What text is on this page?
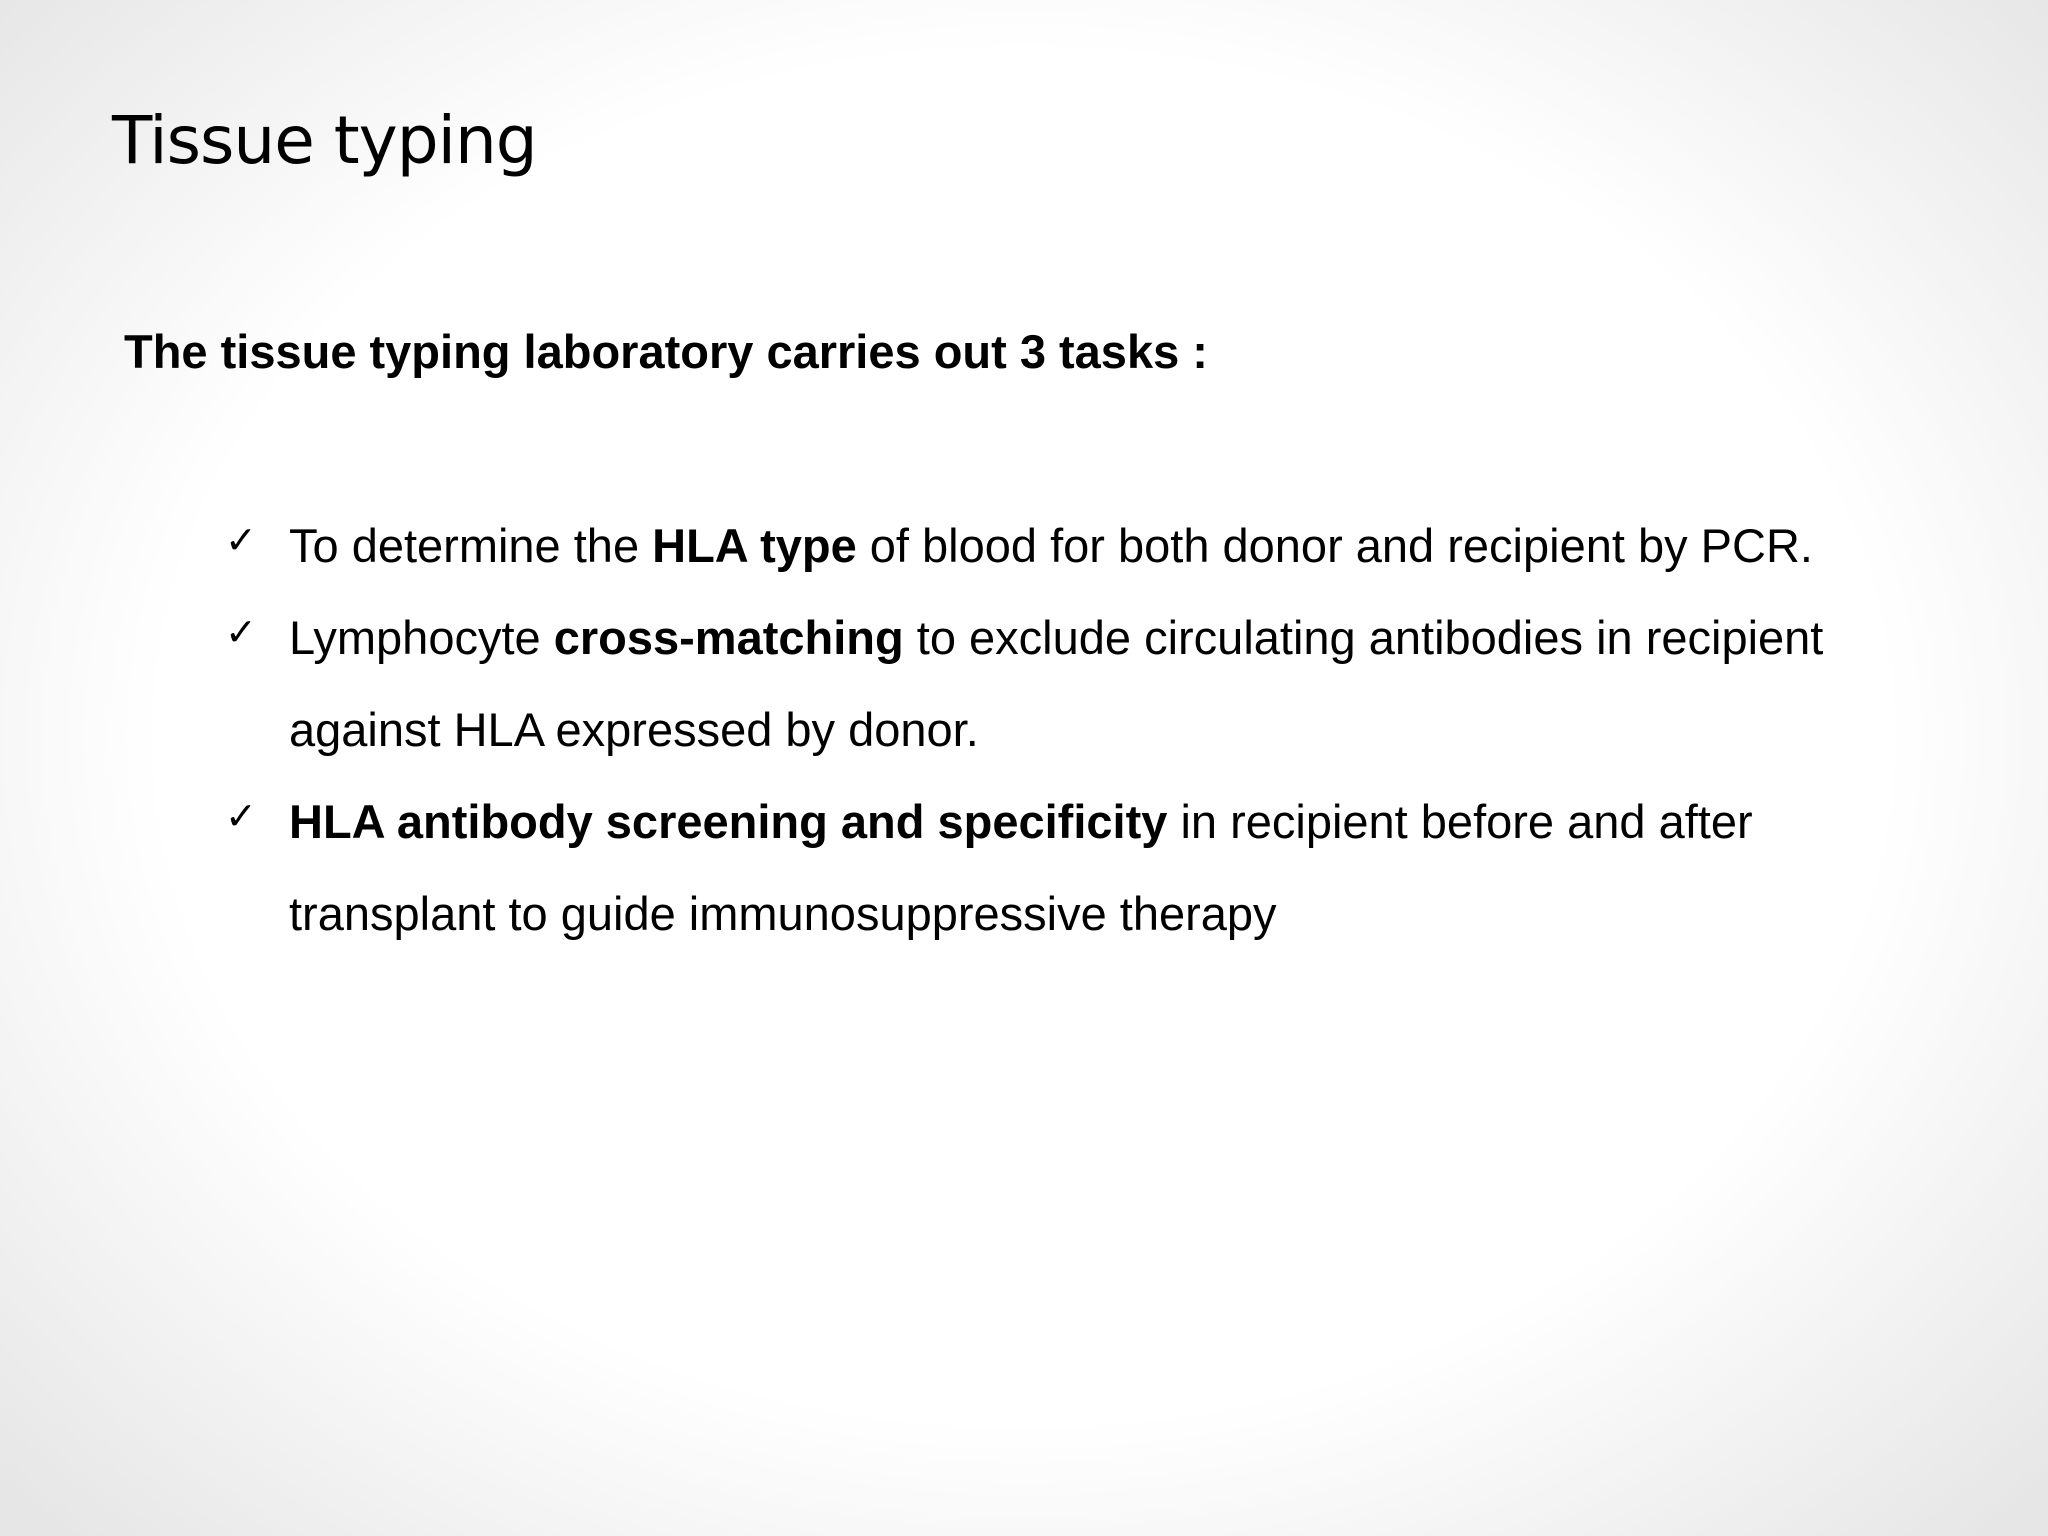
Tissue typing

The tissue typing laboratory carries out 3 tasks :

✓ To determine the HLA type of blood for both donor and recipient by PCR.
✓ Lymphocyte cross-matching to exclude circulating antibodies in recipient against HLA expressed by donor.
✓ HLA antibody screening and specificity in recipient before and after transplant to guide immunosuppressive therapy
